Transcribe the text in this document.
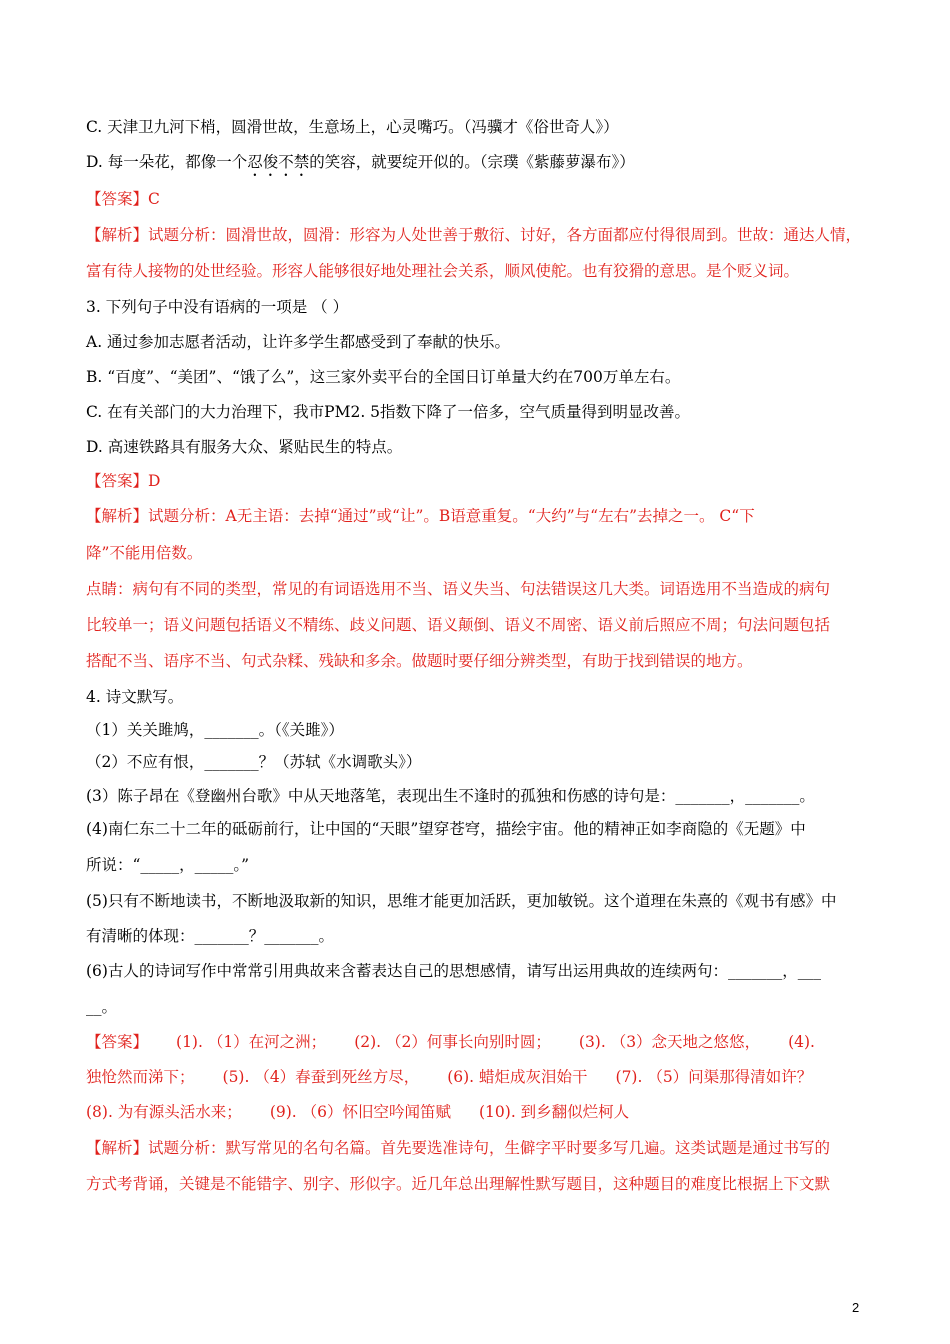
C. 天津卫九河下梢，圆滑世故，生意场上，心灵嘴巧。（冯骥才《俗世奇人》）
D. 每一朵花，都像一个忍俊不禁的笑容，就要绽开似的。（宗璞《紫藤萝瀑布》）
【答案】C
【解析】试题分析：圆滑世故，圆滑：形容为人处世善于敷衍、讨好，各方面都应付得很周到。世故：通达人情，
富有待人接物的处世经验。形容人能够很好地处理社会关系，顺风使舵。也有狡猾的意思。是个贬义词。
3. 下列句子中没有语病的一项是 （ ）
A. 通过参加志愿者活动，让许多学生都感受到了奉献的快乐。
B. “百度”、“美团”、“饿了么”，这三家外卖平台的全国日订单量大约在700万单左右。
C. 在有关部门的大力治理下，我市PM2. 5指数下降了一倍多，空气质量得到明显改善。
D. 高速铁路具有服务大众、紧贴民生的特点。
【答案】D
【解析】试题分析：A无主语：去掉“通过”或“让”。B语意重复。“大约”与“左右”去掉之一。 C“下
降”不能用倍数。
点睛：病句有不同的类型，常见的有词语选用不当、语义失当、句法错误这几大类。词语选用不当造成的病句
比较单一；语义问题包括语义不精练、歧义问题、语义颠倒、语义不周密、语义前后照应不周；句法问题包括
搭配不当、语序不当、句式杂糅、残缺和多余。做题时要仔细分辨类型，有助于找到错误的地方。
4. 诗文默写。
（1）关关雎鸠，_______。（《关雎》）
（2）不应有恨，_______？（苏轼《水调歌头》）
(3）陈子昂在《登幽州台歌》中从天地落笔，表现出生不逢时的孤独和伤感的诗句是：_______，_______。
(4)南仁东二十二年的砥砺前行，让中国的“天眼”望穿苍穹，描绘宇宙。他的精神正如李商隐的《无题》中
所说：“_____，_____。”
(5)只有不断地读书，不断地汲取新的知识，思维才能更加活跃，更加敏锐。这个道理在朱熹的《观书有感》中
有清晰的体现：_______？_______。
(6)古人的诗词写作中常常引用典故来含蓄表达自己的思想感情，请写出运用典故的连续两句：_______，___
__。
【答案】 (1). （1）在河之洲； (2). （2）何事长向别时圆； (3). （3）念天地之悠悠， (4).
独怆然而涕下； (5). （4）春蚕到死丝方尽， (6). 蜡炬成灰泪始干 (7). （5）问渠那得清如许？
(8). 为有源头活水来； (9). （6）怀旧空吟闻笛赋 (10). 到乡翻似烂柯人
【解析】试题分析：默写常见的名句名篇。首先要选准诗句，生僻字平时要多写几遍。这类试题是通过书写的
方式考背诵，关键是不能错字、别字、形似字。近几年总出理解性默写题目，这种题目的难度比根据上下文默
2
